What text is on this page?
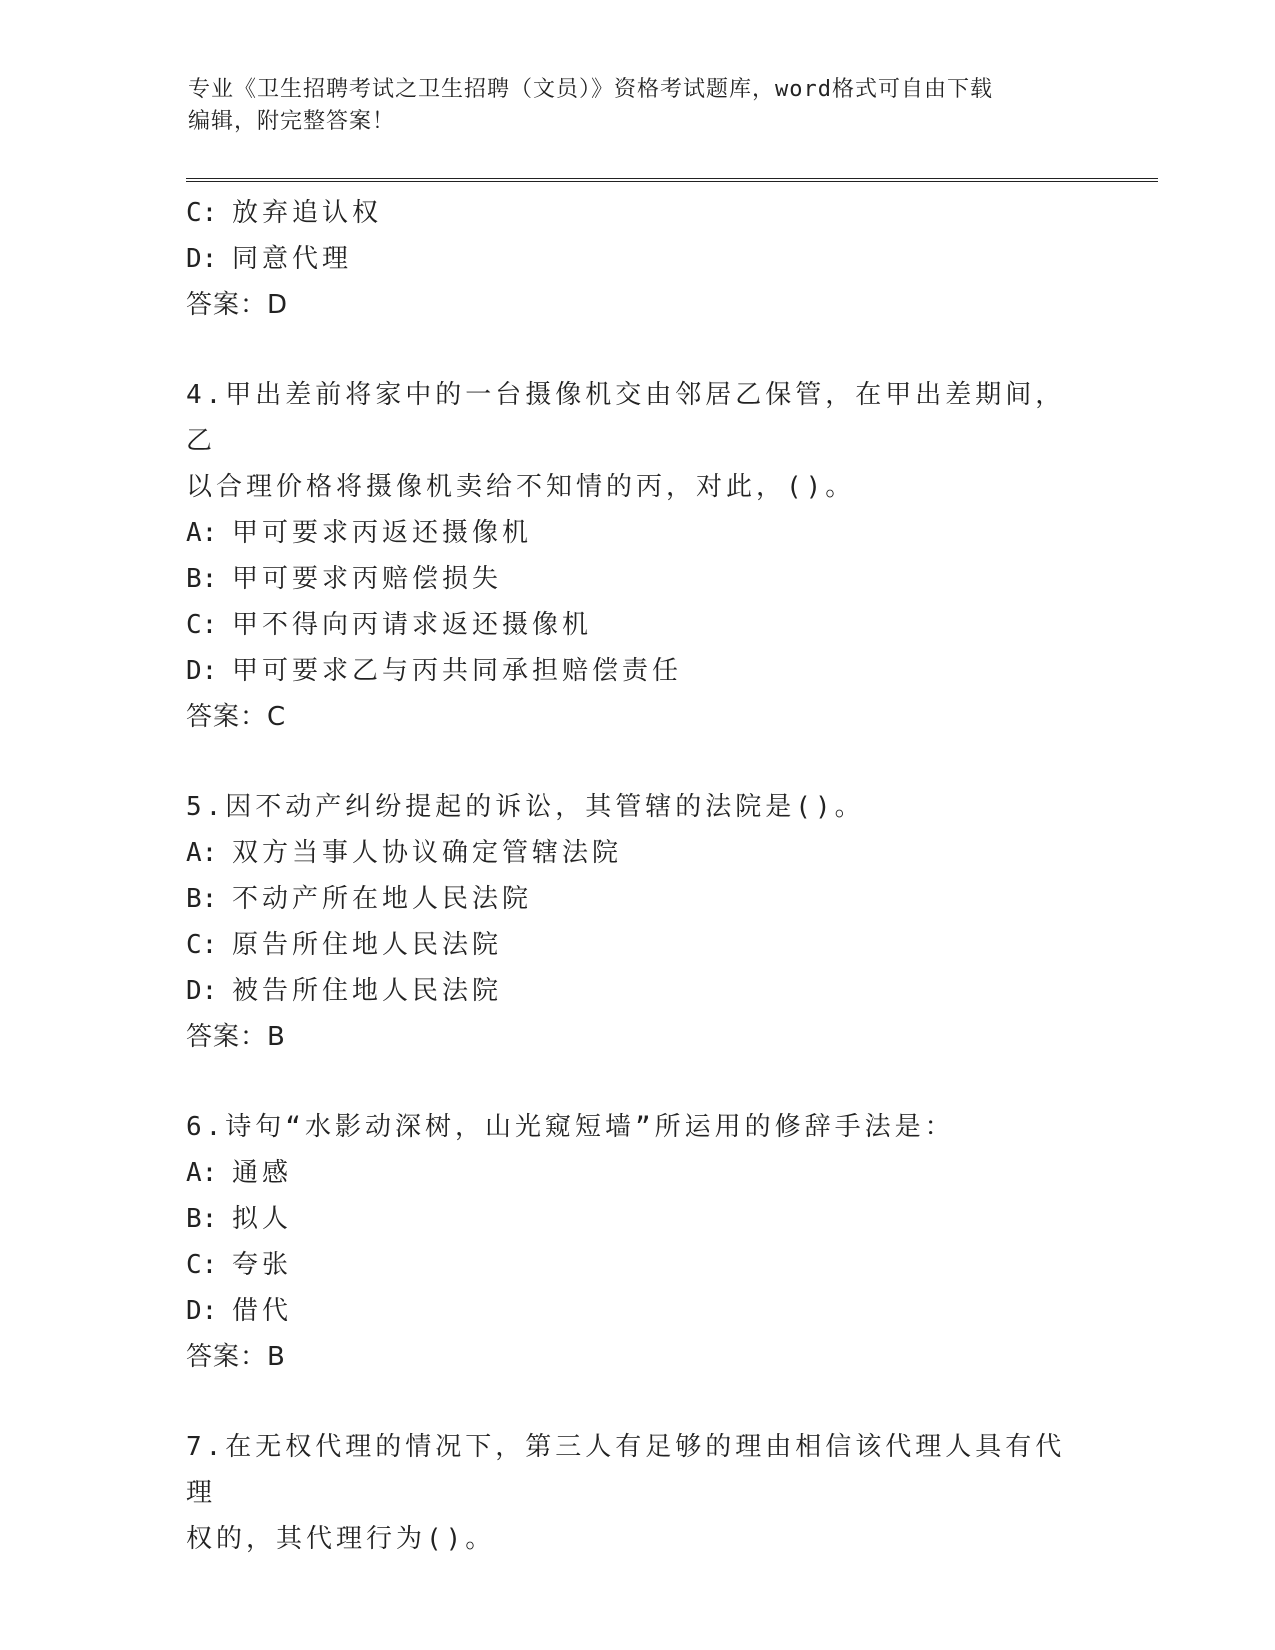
专业《卫生招聘考试之卫生招聘（文员）》资格考试题库，word格式可自由下载
编辑，附完整答案！
C: 放弃追认权
D: 同意代理
答案：D
4.甲出差前将家中的一台摄像机交由邻居乙保管，在甲出差期间，乙
以合理价格将摄像机卖给不知情的丙，对此，()。
A: 甲可要求丙返还摄像机
B: 甲可要求丙赔偿损失
C: 甲不得向丙请求返还摄像机
D: 甲可要求乙与丙共同承担赔偿责任
答案：C
5.因不动产纠纷提起的诉讼，其管辖的法院是()。
A: 双方当事人协议确定管辖法院
B: 不动产所在地人民法院
C: 原告所住地人民法院
D: 被告所住地人民法院
答案：B
6.诗句“水影动深树，山光窥短墙”所运用的修辞手法是：
A: 通感
B: 拟人
C: 夸张
D: 借代
答案：B
7.在无权代理的情况下，第三人有足够的理由相信该代理人具有代理
权的，其代理行为()。
